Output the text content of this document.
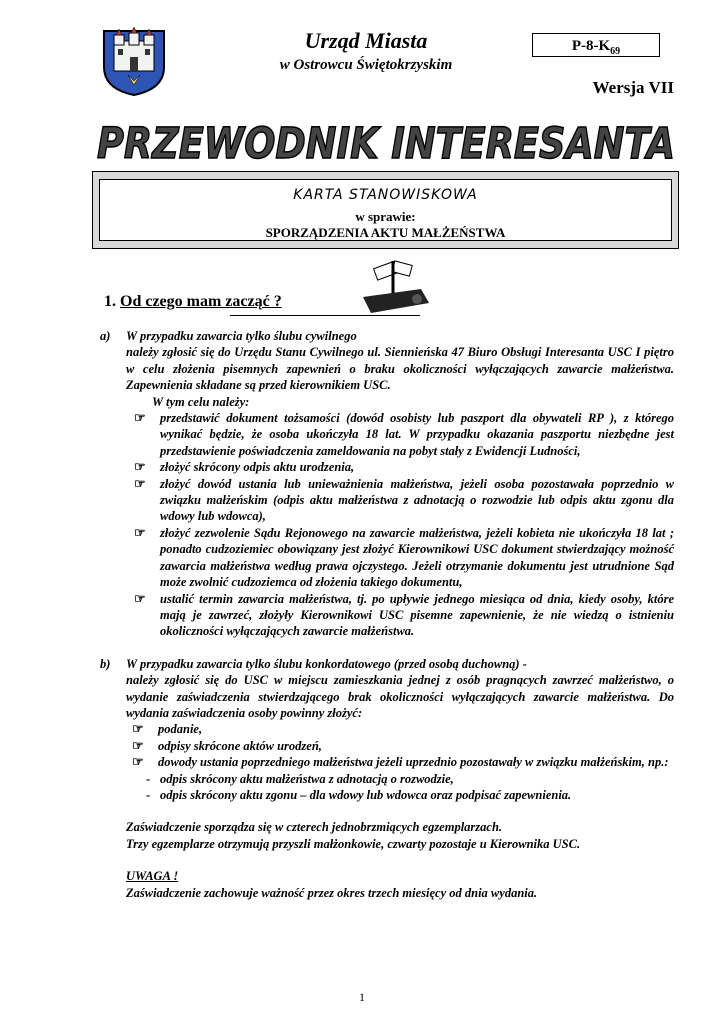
Urząd Miasta
w Ostrowcu Świętokrzyskim
$P-8-K_{69}$
Wersja VII
PRZEWODNIK INTERESANTA
KARTA STANOWISKOWA
w sprawie:
SPORZĄDZENIA AKTU MAŁŻEŃSTWA
1. Od czego mam zacząć ?

a)	W przypadku zawarcia tylko ślubu cywilnego

należy zgłosić się do Urzędu Stanu Cywilnego ul. Siennieńska 47 Biuro Obsługi Interesanta USC I piętro w celu złożenia pisemnych zapewnień o braku okoliczności wyłączających zawarcie małżeństwa. Zapewnienia składane są przed kierownikiem USC.

W tym celu należy:

☞	przedstawić dokument tożsamości (dowód osobisty lub paszport dla obywateli RP ), z którego wynikać będzie, że osoba ukończyła 18 lat. W przypadku okazania paszportu niezbędne jest przedstawienie poświadczenia zameldowania na pobyt stały z Ewidencji Ludności,
☞	złożyć skrócony odpis aktu urodzenia,
☞	złożyć dowód ustania lub unieważnienia małżeństwa, jeżeli osoba pozostawała poprzednio w związku małżeńskim (odpis aktu małżeństwa z adnotacją o rozwodzie lub odpis aktu zgonu dla wdowy lub wdowca),
☞	złożyć zezwolenie Sądu Rejonowego na zawarcie małżeństwa, jeżeli kobieta nie ukończyła 18 lat ; ponadto cudzoziemiec obowiązany jest złożyć Kierownikowi USC dokument stwierdzający możność zawarcia małżeństwa według prawa ojczystego. Jeżeli otrzymanie dokumentu jest utrudnione Sąd może zwolnić cudzoziemca od złożenia takiego dokumentu,
☞	ustalić termin zawarcia małżeństwa, tj. po upływie jednego miesiąca od dnia, kiedy osoby, które mają je zawrzeć, złożyły Kierownikowi USC pisemne zapewnienie, że nie wiedzą o istnieniu okoliczności wyłączających zawarcie małżeństwa.

b)	W przypadku zawarcia tylko ślubu konkordatowego (przed osobą duchowną) -

należy zgłosić się do USC w miejscu zamieszkania jednej z osób pragnących zawrzeć małżeństwo, o wydanie zaświadczenia stwierdzającego brak okoliczności wyłączających zawarcie małżeństwa. Do wydania zaświadczenia osoby powinny złożyć:

☞	podanie,
☞	odpisy skrócone aktów urodzeń,
☞	dowody ustania poprzedniego małżeństwa jeżeli uprzednio pozostawały w związku małżeńskim, np.:
- odpis skrócony aktu małżeństwa z adnotacją o rozwodzie,
- odpis skrócony aktu zgonu – dla wdowy lub wdowca oraz podpisać zapewnienia.

Zaświadczenie sporządza się w czterech jednobrzmiących egzemplarzach.

Trzy egzemplarze otrzymują przyszli małżonkowie, czwarty pozostaje u Kierownika USC.

UWAGA !

Zaświadczenie zachowuje ważność przez okres trzech miesięcy od dnia wydania.

1
